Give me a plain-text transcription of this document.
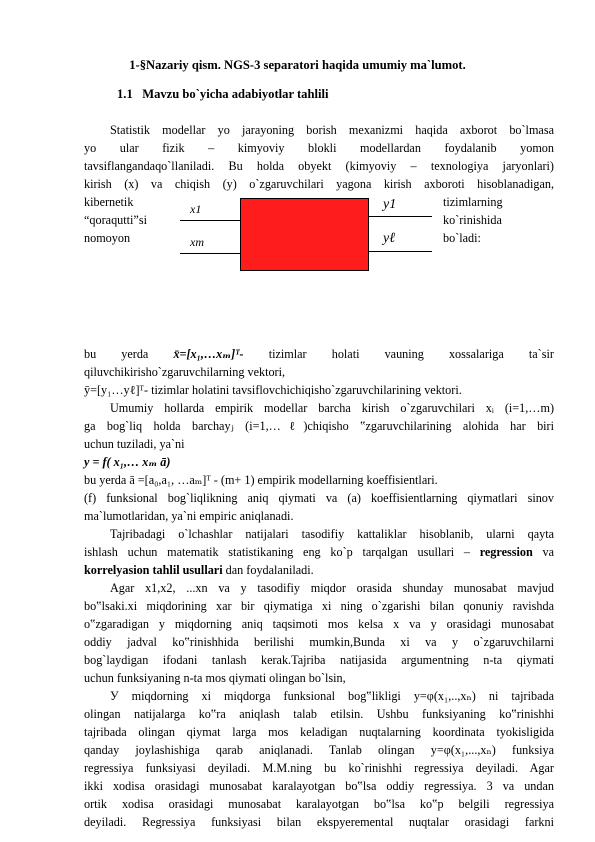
1-§Nazariy qism. NGS-3 separatori haqida umumiy ma`lumot.
1.1 Mavzu bo`yicha adabiyotlar tahlili
Statistik modellar yo jarayoning borish mexanizmi haqida axborot bo`lmasa
yo ular fizik – kimyoviy blokli modellardan foydalanib yomon
tavsiflangandaqo`llaniladi. Bu holda obyekt (kimyoviy – texnologiya jaryonlari)
kirish (x) va chiqish (y) o`zgaruvchilari yagona kirish axboroti hisoblanadigan,
kibernetik
“qoraqutti”si
nomoyon
tizimlarning
ko`rinishida
bo`ladi:
x1
xm
y1
yℓ
bu yerda x̄=[x₁,…xₘ]ᵀ- tizimlar holati vauning xossalariga ta`sir
qiluvchikirisho`zgaruvchilarning vektori,
ȳ=[y₁…yℓ]ᵀ- tizimlar holatini tavsiflovchichiqisho`zgaruvchilarining vektori.
Umumiy hollarda empirik modellar barcha kirish o`zgaruvchilari xᵢ (i=1,…m)
ga bog`liq holda barchayⱼ (i=1,…ℓ)chiqisho ‟zgaruvchilarining alohida har biri
uchun tuziladi, ya`ni
y = f( x₁,… xₘ ā)
bu yerda ā =[a₀,a₁, …aₘ]ᵀ - (m+ 1) empirik modellarning koeffisientlari.
(f) funksional bog`liqlikning aniq qiymati va (a) koeffisientlarning qiymatlari sinov
ma`lumotlaridan, ya`ni empiric aniqlanadi.
Tajribadagi o`lchashlar natijalari tasodifiy kattaliklar hisoblanib, ularni qayta
ishlash uchun matematik statistikaning eng ko`p tarqalgan usullari – regression va
korrelyasion tahlil usullari dan foydalaniladi.
Agar x1,x2, ...xn va y tasodifiy miqdor orasida shunday munosabat mavjud
bo‟lsaki.xi miqdorining xar bir qiymatiga xi ning o`zgarishi bilan qonuniy ravishda
o‟zgaradigan y miqdorning aniq taqsimoti mos kelsa x va y orasidagi munosabat
oddiy jadval ko‟rinishhida berilishi mumkin,Bunda xi va y o`zgaruvchilarni
bog`laydigan ifodani tanlash kerak.Tajriba natijasida argumentning n-ta qiymati
uchun funksiyaning n-ta mos qiymati olingan bo`lsin,
У miqdorning xi miqdorga funksional bog‟likligi y=φ(x₁,..,xₙ) ni tajribada
olingan natijalarga ko‟ra aniqlash talab etilsin. Ushbu funksiyaning ko‟rinishhi
tajribada olingan qiymat larga mos keladigan nuqtalarning koordinata tyokisligida
qanday joylashishiga qarab aniqlanadi. Tanlab olingan y=φ(x₁,...,xₙ) funksiya
regressiya funksiyasi deyiladi. M.M.ning bu ko`rinishhi regressiya deyiladi. Agar
ikki xodisa orasidagi munosabat karalayotgan bo‟lsa oddiy regressiya. 3 va undan
ortik xodisa orasidagi munosabat karalayotgan bo‟lsa ko‟p belgili regressiya
deyiladi. Regressiya funksiyasi bilan ekspyeremental nuqtalar orasidagi farkni
